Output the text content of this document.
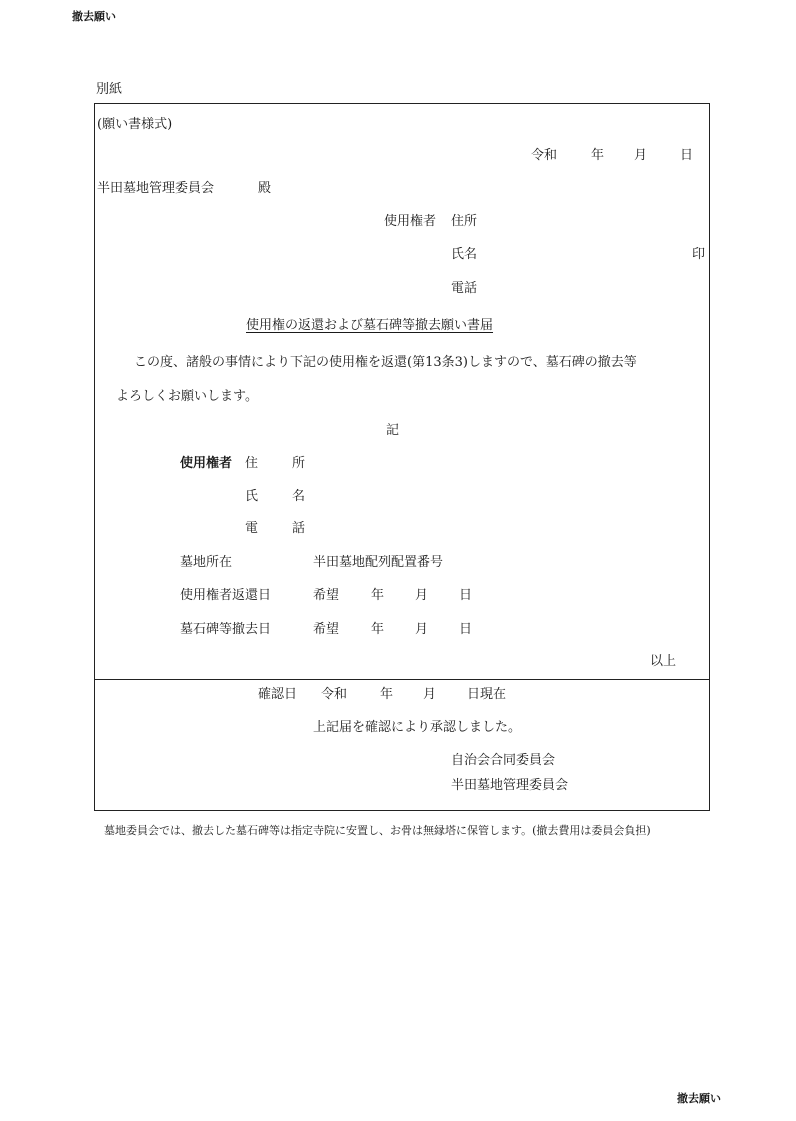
撤去願い
別紙
(願い書様式)
令和	年 月	日
半田墓地管理委員会	殿
使用権者 住所
氏名	印
電話
使用権の返還および墓石碑等撤去願い書届
この度、諸般の事情により下記の使用権を返還(第13条3)しますので、墓石碑の撤去等
よろしくお願いします。
記
使用権者 住	所
氏	名
電	話
墓地所在	半田墓地配列配置番号
使用権者返還日	希望 年 月 日
墓石碑等撤去日	希望 年 月 日
以上
確認日 令和	年 月 日現在
上記届を確認により承認しました。
自治会合同委員会
半田墓地管理委員会
墓地委員会では、撤去した墓石碑等は指定寺院に安置し、お骨は無縁塔に保管します。(撤去費用は委員会負担)
撤去願い
